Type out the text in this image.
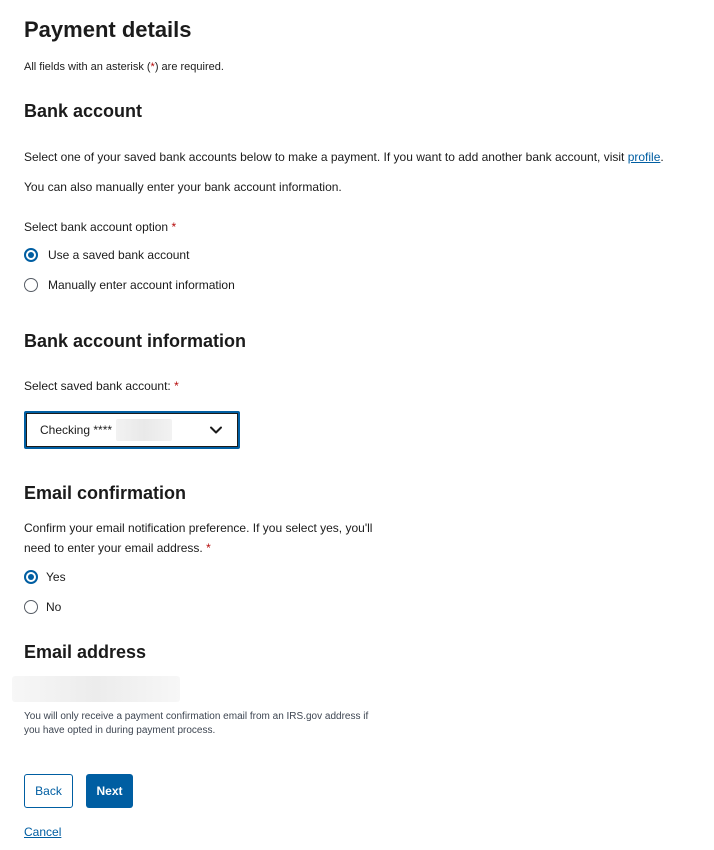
Payment details
All fields with an asterisk (*) are required.
Bank account
Select one of your saved bank accounts below to make a payment. If you want to add another bank account, visit profile.
You can also manually enter your bank account information.
Select bank account option *
Use a saved bank account
Manually enter account information
Bank account information
Select saved bank account: *
Checking ****
Email confirmation
Confirm your email notification preference. If you select yes, you'll
need to enter your email address. *
Yes
No
Email address
You will only receive a payment confirmation email from an IRS.gov address if
you have opted in during payment process.
Back	Next
Cancel
